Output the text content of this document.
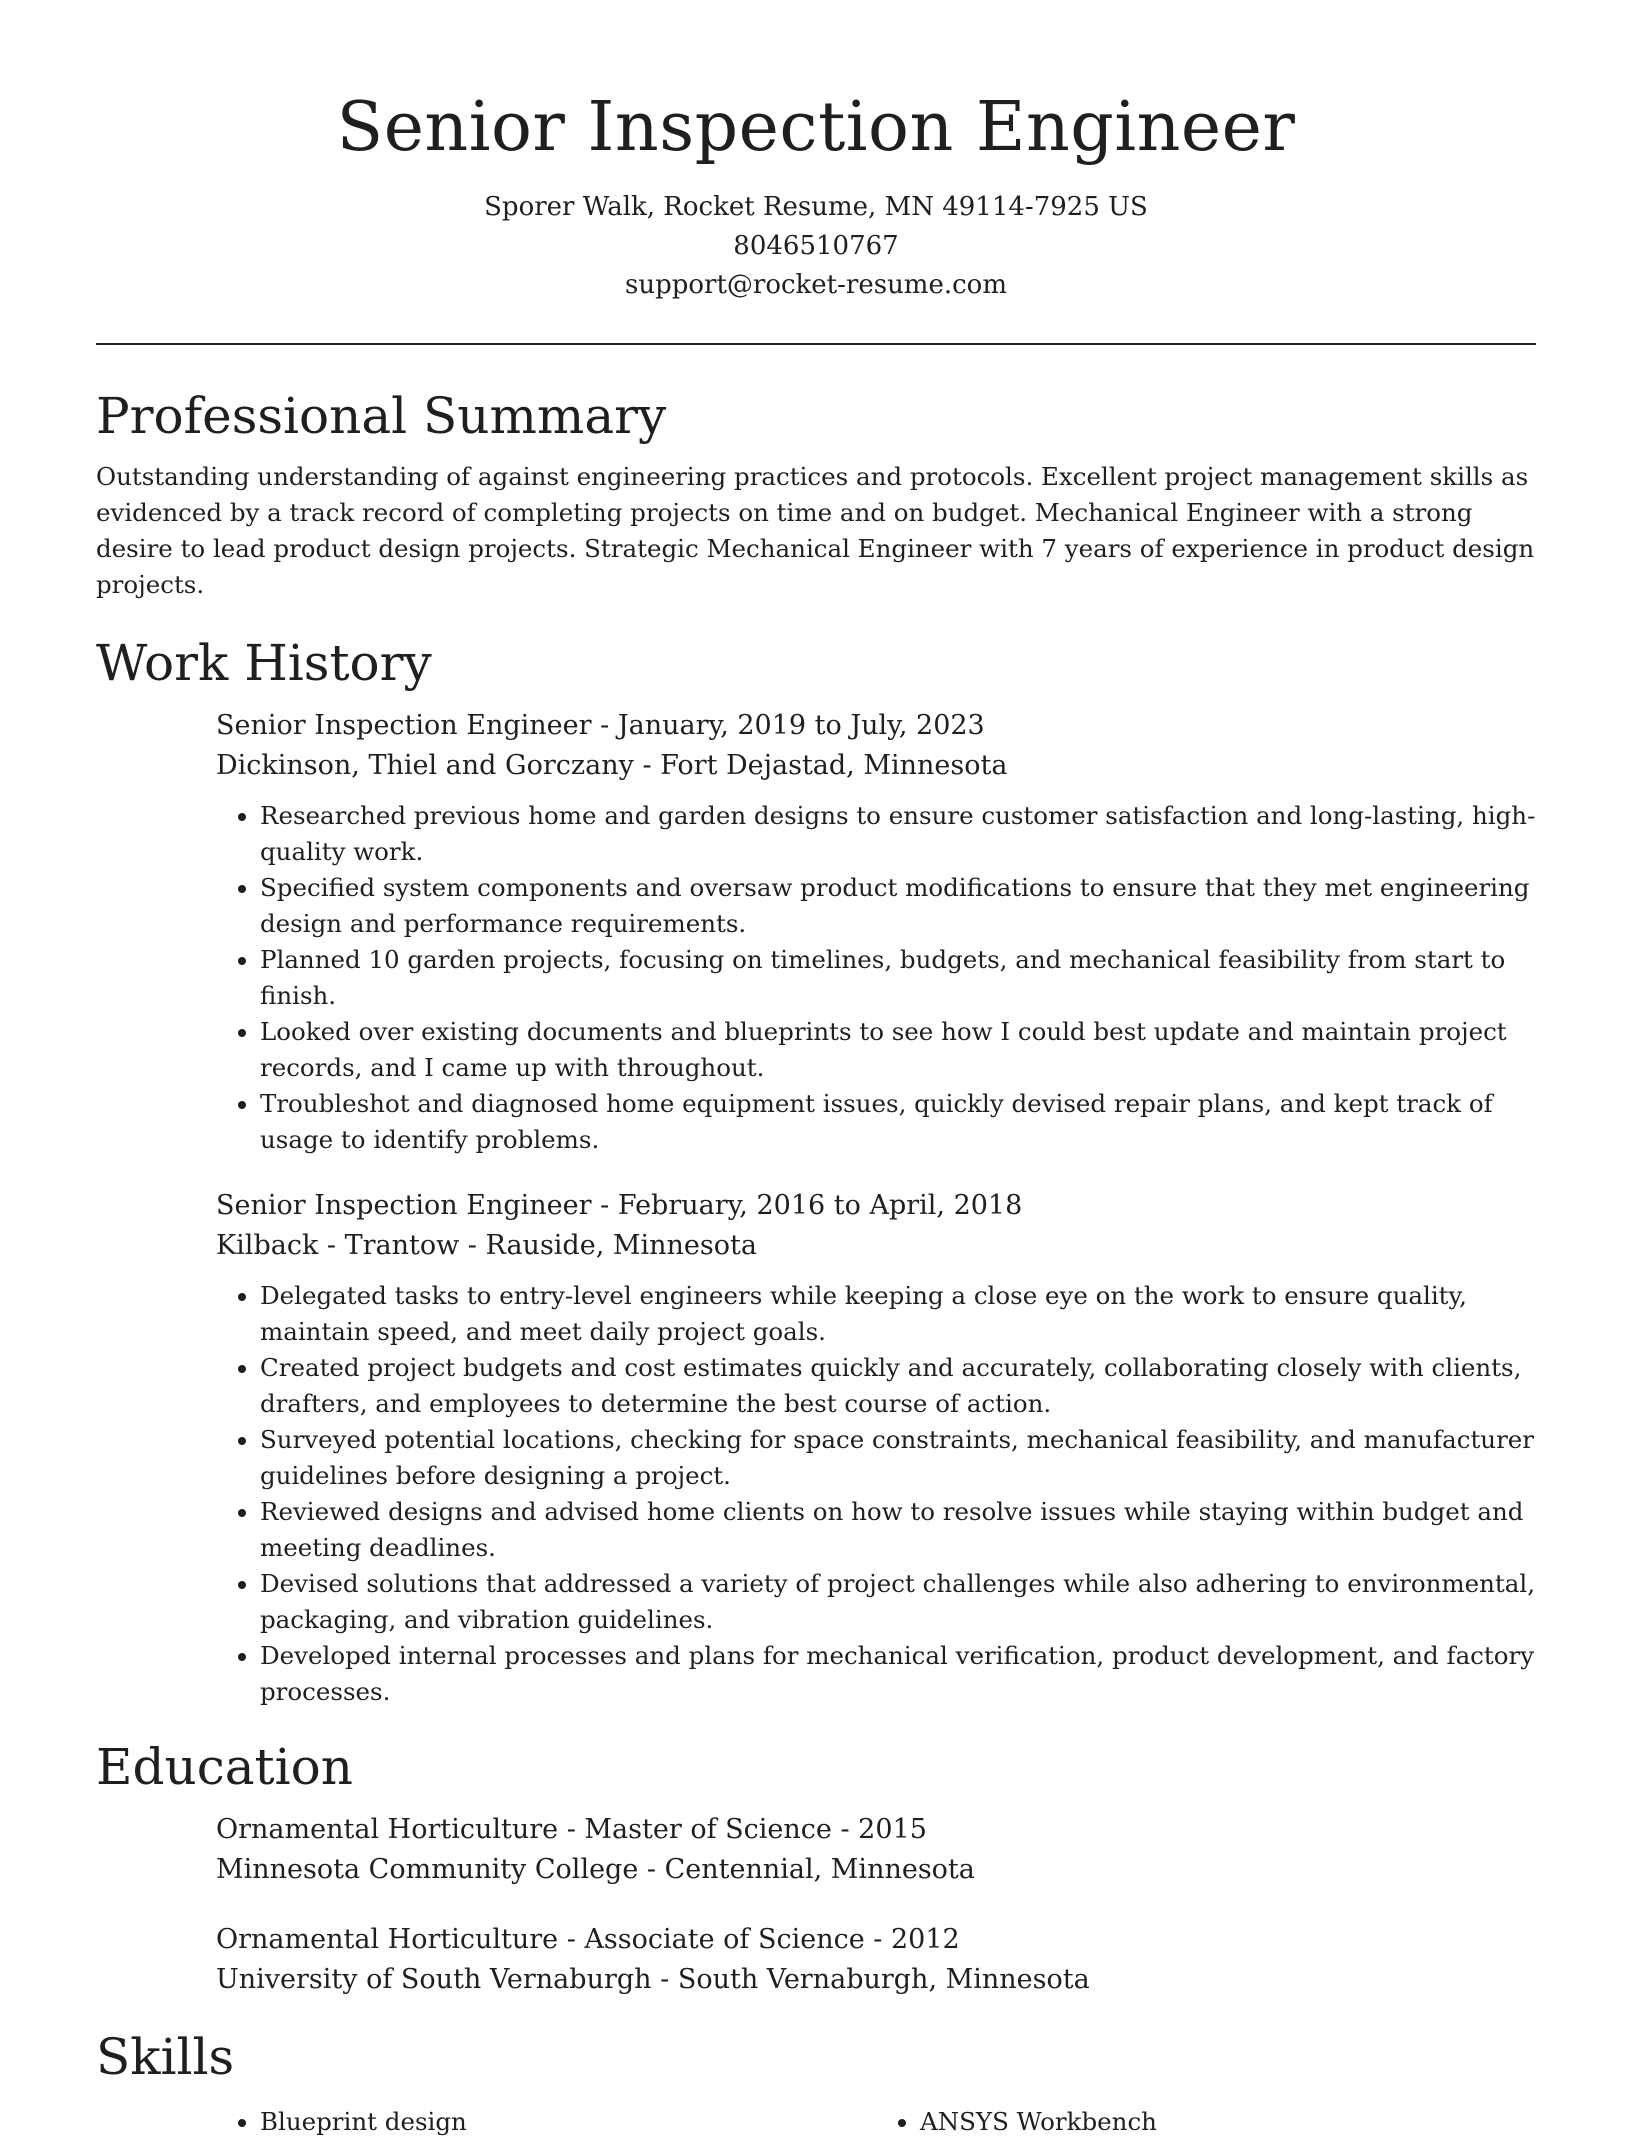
Senior Inspection Engineer
Sporer Walk, Rocket Resume, MN 49114-7925 US
8046510767
support@rocket-resume.com
Professional Summary

Outstanding understanding of against engineering practices and protocols. Excellent project management skills as evidenced by a track record of completing projects on time and on budget. Mechanical Engineer with a strong desire to lead product design projects. Strategic Mechanical Engineer with 7 years of experience in product design projects.

Work History
Senior Inspection Engineer - January, 2019 to July, 2023
Dickinson, Thiel and Gorczany - Fort Dejastad, Minnesota
• Researched previous home and garden designs to ensure customer satisfaction and long-lasting, high-quality work.
• Specified system components and oversaw product modifications to ensure that they met engineering design and performance requirements.
• Planned 10 garden projects, focusing on timelines, budgets, and mechanical feasibility from start to finish.
• Looked over existing documents and blueprints to see how I could best update and maintain project records, and I came up with throughout.
• Troubleshot and diagnosed home equipment issues, quickly devised repair plans, and kept track of usage to identify problems.
Senior Inspection Engineer - February, 2016 to April, 2018
Kilback - Trantow - Rauside, Minnesota
• Delegated tasks to entry-level engineers while keeping a close eye on the work to ensure quality, maintain speed, and meet daily project goals.
• Created project budgets and cost estimates quickly and accurately, collaborating closely with clients, drafters, and employees to determine the best course of action.
• Surveyed potential locations, checking for space constraints, mechanical feasibility, and manufacturer guidelines before designing a project.
• Reviewed designs and advised home clients on how to resolve issues while staying within budget and meeting deadlines.
• Devised solutions that addressed a variety of project challenges while also adhering to environmental, packaging, and vibration guidelines.
• Developed internal processes and plans for mechanical verification, product development, and factory processes.
Education
Ornamental Horticulture - Master of Science - 2015
Minnesota Community College - Centennial, Minnesota
Ornamental Horticulture - Associate of Science - 2012
University of South Vernaburgh - South Vernaburgh, Minnesota
Skills
• Blueprint design
•	ANSYS Workbench
